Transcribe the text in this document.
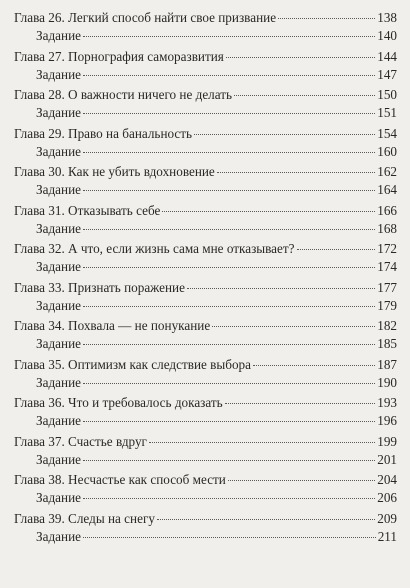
Глава 26. Легкий способ найти свое призвание	138
Задание	140
Глава 27. Порнография саморазвития	144
Задание	147
Глава 28. О важности ничего не делать	150
Задание	151
Глава 29. Право на банальность	154
Задание	160
Глава 30. Как не убить вдохновение	162
Задание	164
Глава 31. Отказывать себе	166
Задание	168
Глава 32. А что, если жизнь сама мне отказывает?	172
Задание	174
Глава 33. Признать поражение	177
Задание	179
Глава 34. Похвала — не понукание	182
Задание	185
Глава 35. Оптимизм как следствие выбора	187
Задание	190
Глава 36. Что и требовалось доказать	193
Задание	196
Глава 37. Счастье вдруг	199
Задание	201
Глава 38. Несчастье как способ мести	204
Задание	206
Глава 39. Следы на снегу	209
Задание	211
